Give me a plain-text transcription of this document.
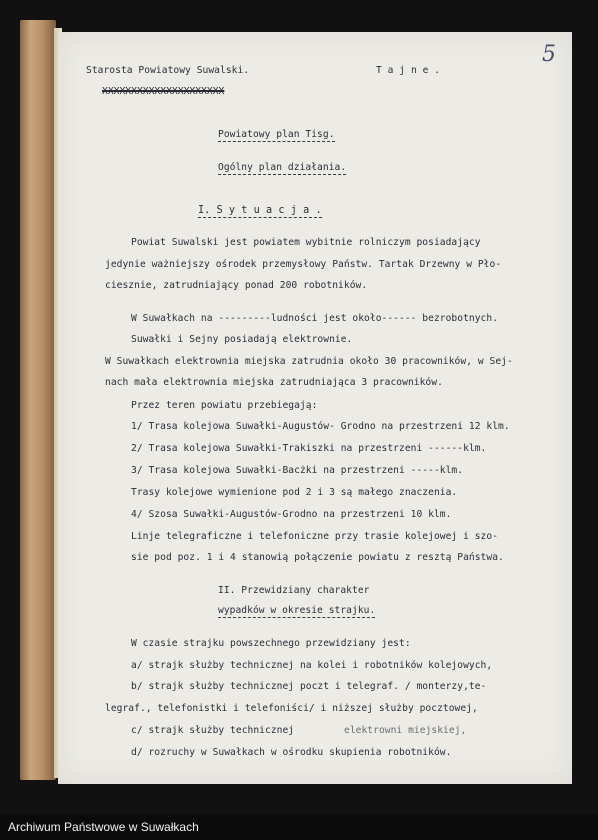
5
Starosta Powiatowy Suwalski.	T a j n e .
XXXXXXXXXXXXXXXXXXXXX
Powiatowy plan Tisg.
Ogólny plan działania.
I. S y t u a c j a .
Powiat Suwalski jest powiatem wybitnie rolniczym posiadający
jedynie ważniejszy ośrodek przemysłowy Państw. Tartak Drzewny w Pło-
ciesznie, zatrudniający ponad 200 robotników.
W Suwałkach na ---------ludności jest około------ bezrobotnych.
Suwałki i Sejny posiadają elektrownie.
W Suwałkach elektrownia miejska zatrudnia około 30 pracowników, w Sej-
nach mała elektrownia miejska zatrudniająca 3 pracowników.
Przez teren powiatu przebiegają:
1/ Trasa kolejowa Suwałki-Augustów- Grodno na przestrzeni 12 klm.
2/ Trasa kolejowa Suwałki-Trakiszki na przestrzeni ------klm.
3/ Trasa kolejowa Suwałki-Bacżki na przestrzeni -----klm.
Trasy kolejowe wymienione pod 2 i 3 są małego znaczenia.
4/ Szosa Suwałki-Augustów-Grodno na przestrzeni 10 klm.
Linje telegraficzne i telefoniczne przy trasie kolejowej i szo-
sie pod poz. 1 i 4 stanowią połączenie powiatu z resztą Państwa.
II. Przewidziany charakter
wypadków w okresie strajku.
W czasie strajku powszechnego przewidziany jest:
a/ strajk służby technicznej na kolei i robotników kolejowych,
b/ strajk służby technicznej poczt i telegraf. / monterzy,te-
legraf., telefonistki i telefoniści/ i niższej służby pocztowej,
c/ strajk służby technicznej	elektrowni miejskiej,
d/ rozruchy w Suwałkach w ośrodku skupienia robotników.
Archiwum Państwowe w Suwałkach
